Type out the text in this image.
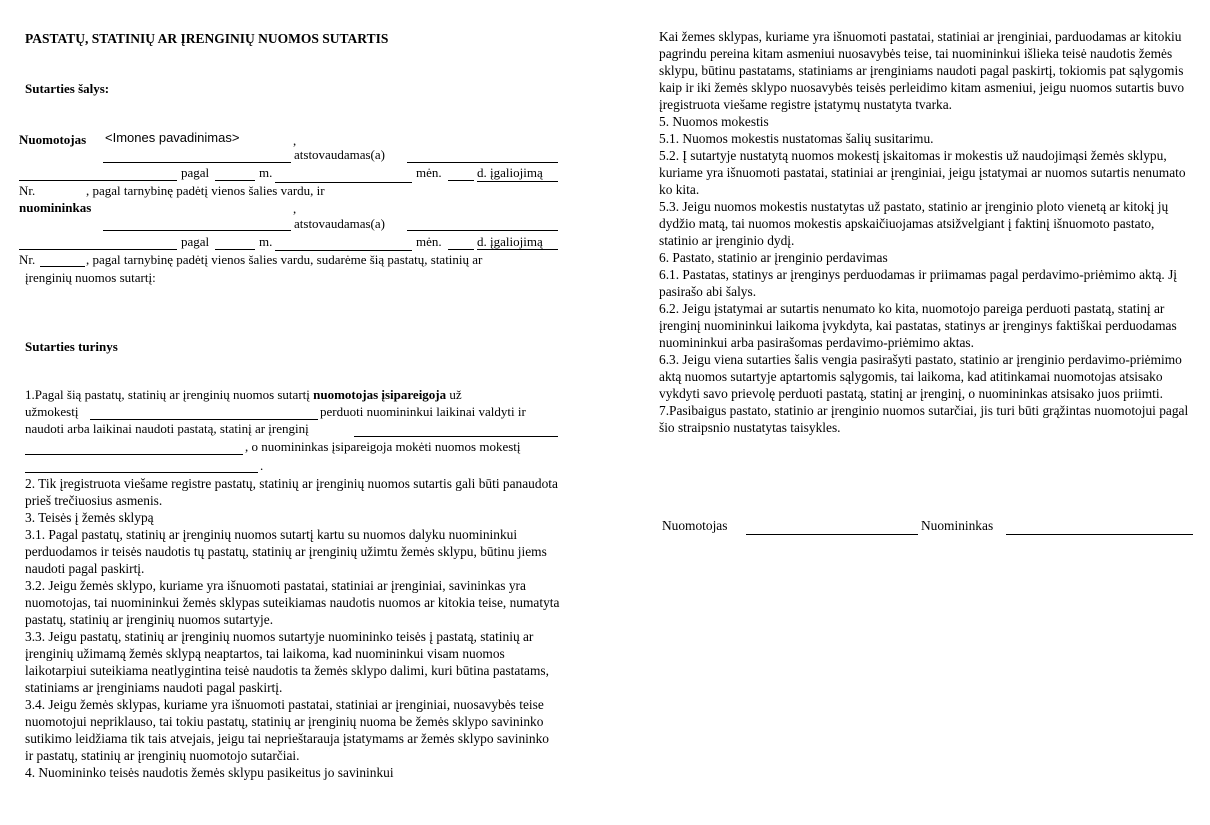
PASTATŲ, STATINIŲ AR ĮRENGINIŲ NUOMOS SUTARTIS
Sutarties šalys:
Nuomotojas <Imones pavadinimas>	,
atstovaudamas(a)
pagal	m.	mėn.	d. įgaliojimą
Nr.	, pagal tarnybinę padėtį vienos šalies vardu, ir
nuomininkas	,
atstovaudamas(a)
pagal	m.	mėn.	d. įgaliojimą
Nr.	, pagal tarnybinę padėtį vienos šalies vardu, sudarėme šią pastatų, statinių ar
įrenginių nuomos sutartį:
Sutarties turinys
1.Pagal šią pastatų, statinių ar įrenginių nuomos sutartį nuomotojas įsipareigoja už
užmokestį	perduoti nuomininkui laikinai valdyti ir
naudoti arba laikinai naudoti pastatą, statinį ar įrenginį
, o nuomininkas įsipareigoja mokėti nuomos mokestį
.

2. Tik įregistruota viešame registre pastatų, statinių ar įrenginių nuomos sutartis gali būti panaudota prieš trečiuosius asmenis.

3. Teisės į žemės sklypą

3.1. Pagal pastatų, statinių ar įrenginių nuomos sutartį kartu su nuomos dalyku nuomininkui perduodamos ir teisės naudotis tų pastatų, statinių ar įrenginių užimtu žemės sklypu, būtinu jiems naudoti pagal paskirtį.

3.2. Jeigu žemės sklypo, kuriame yra išnuomoti pastatai, statiniai ar įrenginiai, savininkas yra nuomotojas, tai nuomininkui žemės sklypas suteikiamas naudotis nuomos ar kitokia teise, numatyta pastatų, statinių ar įrenginių nuomos sutartyje.

3.3. Jeigu pastatų, statinių ar įrenginių nuomos sutartyje nuomininko teisės į pastatą, statinių ar įrenginių užimamą žemės sklypą neaptartos, tai laikoma, kad nuomininkui visam nuomos laikotarpiui suteikiama neatlygintina teisė naudotis ta žemės sklypo dalimi, kuri būtina pastatams, statiniams ar įrenginiams naudoti pagal paskirtį.

3.4. Jeigu žemės sklypas, kuriame yra išnuomoti pastatai, statiniai ar įrenginiai, nuosavybės teise nuomotojui nepriklauso, tai tokiu pastatų, statinių ar įrenginių nuoma be žemės sklypo savininko sutikimo leidžiama tik tais atvejais, jeigu tai neprieštarauja įstatymams ar žemės sklypo savininko ir pastatų, statinių ar įrenginių nuomotojo sutarčiai.

4. Nuomininko teisės naudotis žemės sklypu pasikeitus jo savininkui

Kai žemes sklypas, kuriame yra išnuomoti pastatai, statiniai ar įrenginiai, parduodamas ar kitokiu pagrindu pereina kitam asmeniui nuosavybės teise, tai nuomininkui išlieka teisė naudotis žemės sklypu, būtinu pastatams, statiniams ar įrenginiams naudoti pagal paskirtį, tokiomis pat sąlygomis kaip ir iki žemės sklypo nuosavybės teisės perleidimo kitam asmeniui, jeigu nuomos sutartis buvo įregistruota viešame registre įstatymų nustatyta tvarka.

5. Nuomos mokestis

5.1. Nuomos mokestis nustatomas šalių susitarimu.

5.2. Į sutartyje nustatytą nuomos mokestį įskaitomas ir mokestis už naudojimąsi žemės sklypu, kuriame yra išnuomoti pastatai, statiniai ar įrenginiai, jeigu įstatymai ar nuomos sutartis nenumato ko kita.

5.3. Jeigu nuomos mokestis nustatytas už pastato, statinio ar įrenginio ploto vienetą ar kitokį jų dydžio matą, tai nuomos mokestis apskaičiuojamas atsižvelgiant į faktinį išnuomoto pastato, statinio ar įrenginio dydį.

6. Pastato, statinio ar įrenginio perdavimas

6.1. Pastatas, statinys ar įrenginys perduodamas ir priimamas pagal perdavimo-priėmimo aktą. Jį pasirašo abi šalys.

6.2. Jeigu įstatymai ar sutartis nenumato ko kita, nuomotojo pareiga perduoti pastatą, statinį ar įrenginį nuomininkui laikoma įvykdyta, kai pastatas, statinys ar įrenginys faktiškai perduodamas nuomininkui arba pasirašomas perdavimo-priėmimo aktas.

6.3. Jeigu viena sutarties šalis vengia pasirašyti pastato, statinio ar įrenginio perdavimo-priėmimo aktą nuomos sutartyje aptartomis sąlygomis, tai laikoma, kad atitinkamai nuomotojas atsisako vykdyti savo prievolę perduoti pastatą, statinį ar įrenginį, o nuomininkas atsisako juos priimti.

7.Pasibaigus pastato, statinio ar įrenginio nuomos sutarčiai, jis turi būti grąžintas nuomotojui pagal šio straipsnio nustatytas taisykles.

Nuomotojas	Nuomininkas
